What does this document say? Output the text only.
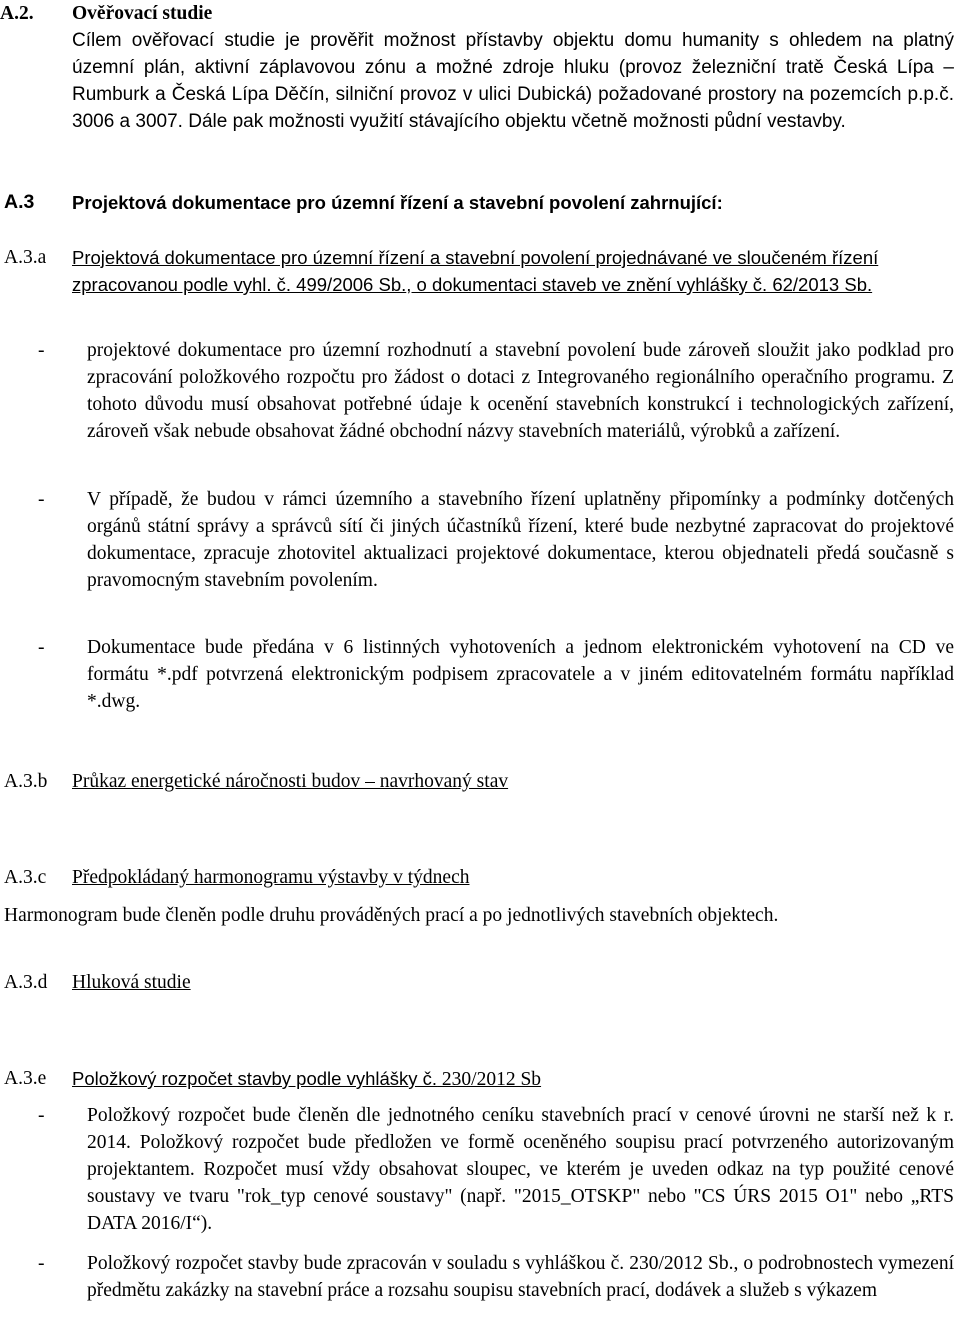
A.2.	Ověřovací studie
Cílem ověřovací studie je prověřit možnost přístavby objektu domu humanity s ohledem na platný územní plán, aktivní záplavovou zónu a možné zdroje hluku (provoz železniční tratě Česká Lípa – Rumburk a Česká Lípa Děčín, silniční provoz v ulici Dubická) požadované prostory na pozemcích p.p.č. 3006 a 3007. Dále pak možnosti využití stávajícího objektu včetně možnosti půdní vestavby.
A.3	Projektová dokumentace pro územní řízení a stavební povolení zahrnující:
A.3.a	Projektová dokumentace pro územní řízení a stavební povolení projednávané ve sloučeném řízení zpracovanou podle vyhl. č. 499/2006 Sb., o dokumentaci staveb ve znění vyhlášky č. 62/2013 Sb.
-	projektové dokumentace pro územní rozhodnutí a stavební povolení bude zároveň sloužit jako podklad pro zpracování položkového rozpočtu pro žádost o dotaci z Integrovaného regionálního operačního programu. Z tohoto důvodu musí obsahovat potřebné údaje k ocenění stavebních konstrukcí i technologických zařízení, zároveň však nebude obsahovat žádné obchodní názvy stavebních materiálů, výrobků a zařízení.
-	V případě, že budou v rámci územního a stavebního řízení uplatněny připomínky a podmínky dotčených orgánů státní správy a správců sítí či jiných účastníků řízení, které bude nezbytné zapracovat do projektové dokumentace, zpracuje zhotovitel aktualizaci projektové dokumentace, kterou objednateli předá současně s pravomocným stavebním povolením.
-	Dokumentace bude předána v 6 listinných vyhotoveních a jednom elektronickém vyhotovení na CD ve formátu *.pdf potvrzená elektronickým podpisem zpracovatele a v jiném editovatelném formátu například *.dwg.
A.3.b	Průkaz energetické náročnosti budov – navrhovaný stav
A.3.c	Předpokládaný harmonogramu výstavby v týdnech
Harmonogram bude členěn podle druhu prováděných prací a po jednotlivých stavebních objektech.
A.3.d	Hluková studie
A.3.e	Položkový rozpočet stavby podle vyhlášky č. 230/2012 Sb
-	Položkový rozpočet bude členěn dle jednotného ceníku stavebních prací v cenové úrovni ne starší než k r. 2014. Položkový rozpočet bude předložen ve formě oceněného soupisu prací potvrzeného autorizovaným projektantem. Rozpočet musí vždy obsahovat sloupec, ve kterém je uveden odkaz na typ použité cenové soustavy ve tvaru "rok_typ cenové soustavy" (např. "2015_OTSKP" nebo "CS ÚRS 2015 O1" nebo „RTS DATA 2016/I“).
-	Položkový rozpočet stavby bude zpracován v souladu s vyhláškou č. 230/2012 Sb., o podrobnostech vymezení předmětu zakázky na stavební práce a rozsahu soupisu stavebních prací, dodávek a služeb s výkazem
